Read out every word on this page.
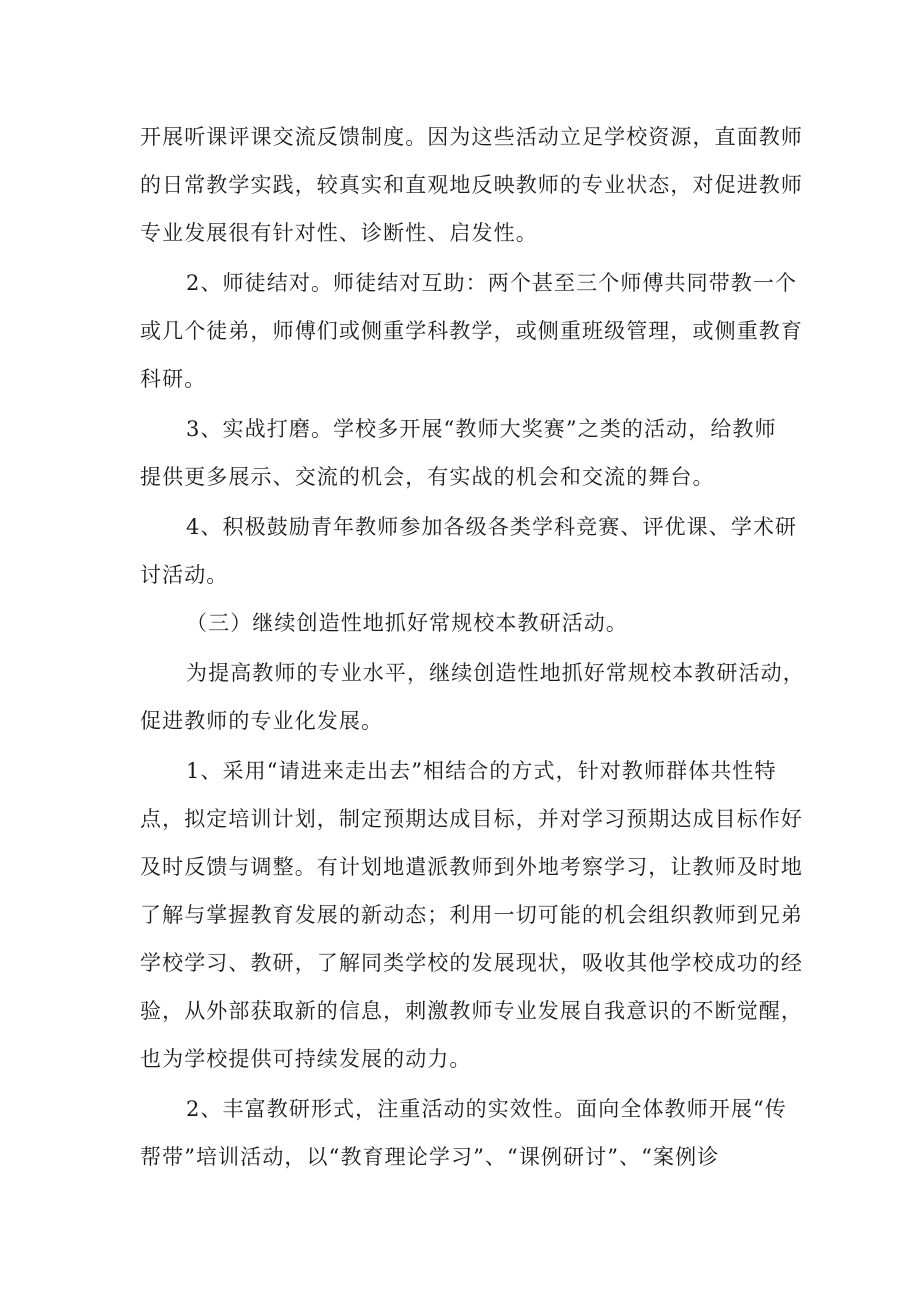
开展听课评课交流反馈制度。因为这些活动立足学校资源，直面教师
的日常教学实践，较真实和直观地反映教师的专业状态，对促进教师
专业发展很有针对性、诊断性、启发性。
2、师徒结对。师徒结对互助：两个甚至三个师傅共同带教一个
或几个徒弟，师傅们或侧重学科教学，或侧重班级管理，或侧重教育
科研。
3、实战打磨。学校多开展“教师大奖赛”之类的活动，给教师
提供更多展示、交流的机会，有实战的机会和交流的舞台。
4、积极鼓励青年教师参加各级各类学科竞赛、评优课、学术研
讨活动。
（三）继续创造性地抓好常规校本教研活动。
为提高教师的专业水平，继续创造性地抓好常规校本教研活动，
促进教师的专业化发展。
1、采用“请进来走出去”相结合的方式，针对教师群体共性特
点，拟定培训计划，制定预期达成目标，并对学习预期达成目标作好
及时反馈与调整。有计划地遣派教师到外地考察学习，让教师及时地
了解与掌握教育发展的新动态；利用一切可能的机会组织教师到兄弟
学校学习、教研，了解同类学校的发展现状，吸收其他学校成功的经
验，从外部获取新的信息，刺激教师专业发展自我意识的不断觉醒，
也为学校提供可持续发展的动力。
2、丰富教研形式，注重活动的实效性。面向全体教师开展“传
帮带”培训活动，以“教育理论学习”、“课例研讨”、“案例诊
